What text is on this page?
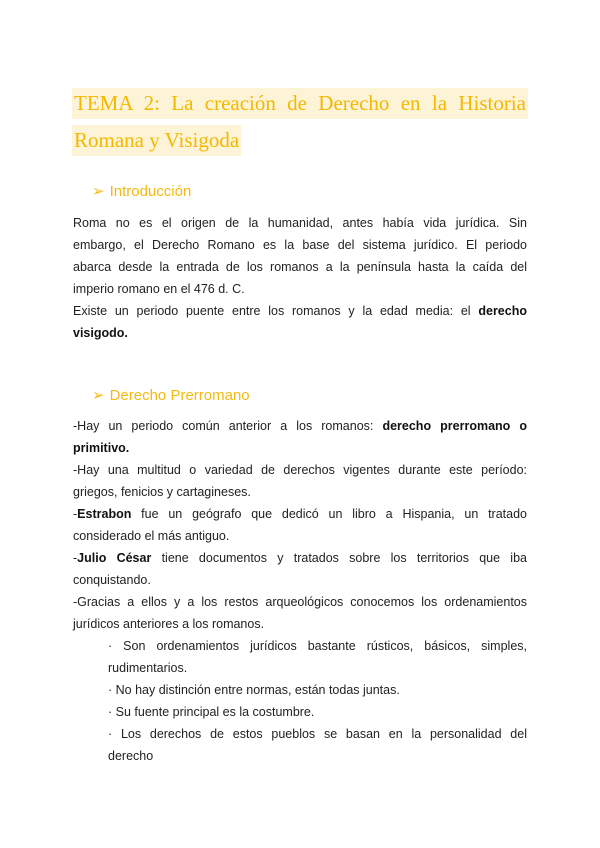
TEMA 2: La creación de Derecho en la Historia
Romana y Visigoda
➢ Introducción

Roma no es el origen de la humanidad, antes había vida jurídica. Sin

embargo, el Derecho Romano es la base del sistema jurídico. El periodo

abarca desde la entrada de los romanos a la península hasta la caída del

imperio romano en el 476 d. C.

Existe un periodo puente entre los romanos y la edad media: el derecho

visigodo.

➢ Derecho Prerromano

-Hay un periodo común anterior a los romanos: derecho prerromano o

primitivo.

-Hay una multitud o variedad de derechos vigentes durante este período:

griegos, fenicios y cartagineses.

-Estrabon fue un geógrafo que dedicó un libro a Hispania, un tratado

considerado el más antiguo.

-Julio César tiene documentos y tratados sobre los territorios que iba

conquistando.

-Gracias a ellos y a los restos arqueológicos conocemos los ordenamientos

jurídicos anteriores a los romanos.

· Son ordenamientos jurídicos bastante rústicos, básicos, simples,

rudimentarios.

· No hay distinción entre normas, están todas juntas.

· Su fuente principal es la costumbre.

· Los derechos de estos pueblos se basan en la personalidad del

derecho
